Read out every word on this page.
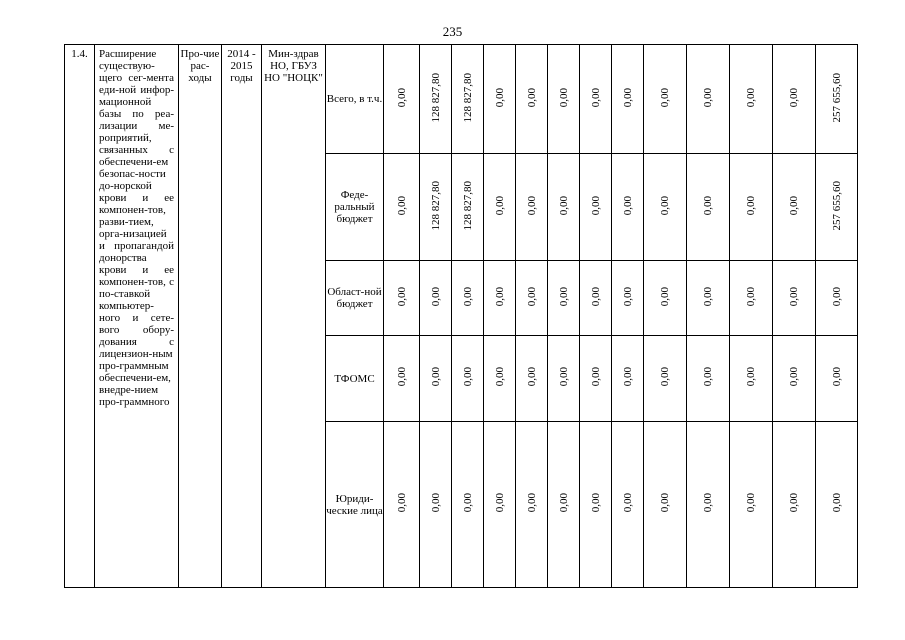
235
1.4.	Расширение существую-щего сег-мента еди-ной инфор-мационной базы по реа-лизации ме-роприятий, связанных с обеспечени-ем безопас-ности до-норской крови и ее компонен-тов, разви-тием, орга-низацией и пропагандой донорства крови и ее компонен-тов, с по-ставкой компьютер-ного и сете-вого обору-дования с лицензион-ным про-граммным обеспечени-ем, внедре-нием про-граммного	Про-чие рас-ходы	2014 - 2015 годы	Мин-здрав НО, ГБУЗ НО "НОЦК"	Всего, в т.ч.	0,00	128 827,80	128 827,80	0,00	0,00	0,00	0,00	0,00	0,00	0,00	0,00	0,00	257 655,60
					Феде-ральный бюджет	0,00	128 827,80	128 827,80	0,00	0,00	0,00	0,00	0,00	0,00	0,00	0,00	0,00	257 655,60
					Област-ной бюджет	0,00	0,00	0,00	0,00	0,00	0,00	0,00	0,00	0,00	0,00	0,00	0,00	0,00
					ТФОМС	0,00	0,00	0,00	0,00	0,00	0,00	0,00	0,00	0,00	0,00	0,00	0,00	0,00
					Юриди-ческие лица	0,00	0,00	0,00	0,00	0,00	0,00	0,00	0,00	0,00	0,00	0,00	0,00	0,00
